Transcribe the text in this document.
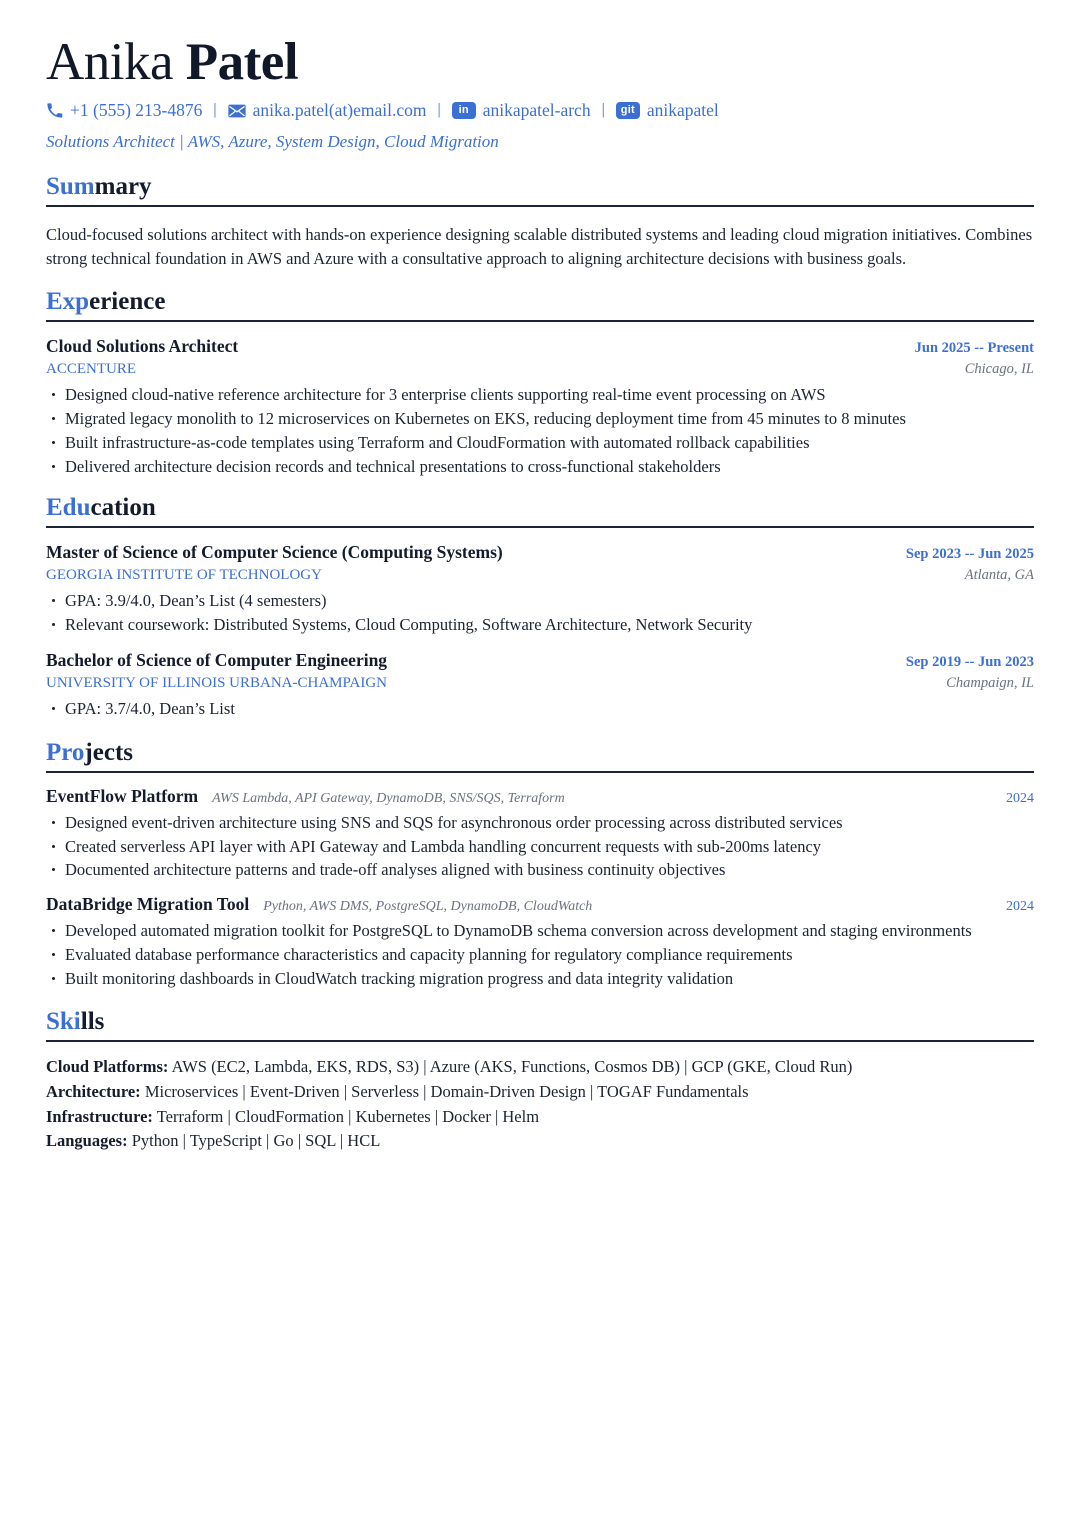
Anika Patel
+1 (555) 213-4876 |	anika.patel(at)email.com |	in anikapatel-arch |	git anikapatel
Solutions Architect | AWS, Azure, System Design, Cloud Migration
Summary

Cloud-focused solutions architect with hands-on experience designing scalable distributed systems and leading cloud migration initiatives. Combines strong technical foundation in AWS and Azure with a consultative approach to aligning architecture decisions with business goals.

Experience
Cloud Solutions Architect
ACCENTURE
Jun 2025 -- Present
Chicago, IL
Designed cloud-native reference architecture for 3 enterprise clients supporting real-time event processing on AWS
Migrated legacy monolith to 12 microservices on Kubernetes on EKS, reducing deployment time from 45 minutes to 8 minutes
Built infrastructure-as-code templates using Terraform and CloudFormation with automated rollback capabilities
Delivered architecture decision records and technical presentations to cross-functional stakeholders
Education
Master of Science of Computer Science (Computing Systems)
GEORGIA INSTITUTE OF TECHNOLOGY
Sep 2023 -- Jun 2025
Atlanta, GA
GPA: 3.9/4.0, Dean’s List (4 semesters)
Relevant coursework: Distributed Systems, Cloud Computing, Software Architecture, Network Security
Bachelor of Science of Computer Engineering
UNIVERSITY OF ILLINOIS URBANA-CHAMPAIGN
Sep 2019 -- Jun 2023
Champaign, IL
GPA: 3.7/4.0, Dean’s List
Projects
EventFlow Platform AWS Lambda, API Gateway, DynamoDB, SNS/SQS, Terraform	2024
Designed event-driven architecture using SNS and SQS for asynchronous order processing across distributed services
Created serverless API layer with API Gateway and Lambda handling concurrent requests with sub-200ms latency
Documented architecture patterns and trade-off analyses aligned with business continuity objectives
DataBridge Migration Tool Python, AWS DMS, PostgreSQL, DynamoDB, CloudWatch	2024
Developed automated migration toolkit for PostgreSQL to DynamoDB schema conversion across development and staging environments
Evaluated database performance characteristics and capacity planning for regulatory compliance requirements
Built monitoring dashboards in CloudWatch tracking migration progress and data integrity validation
Skills
Cloud Platforms: AWS (EC2, Lambda, EKS, RDS, S3) | Azure (AKS, Functions, Cosmos DB) | GCP (GKE, Cloud Run)
Architecture: Microservices | Event-Driven | Serverless | Domain-Driven Design | TOGAF Fundamentals
Infrastructure: Terraform | CloudFormation | Kubernetes | Docker | Helm
Languages: Python | TypeScript | Go | SQL | HCL
